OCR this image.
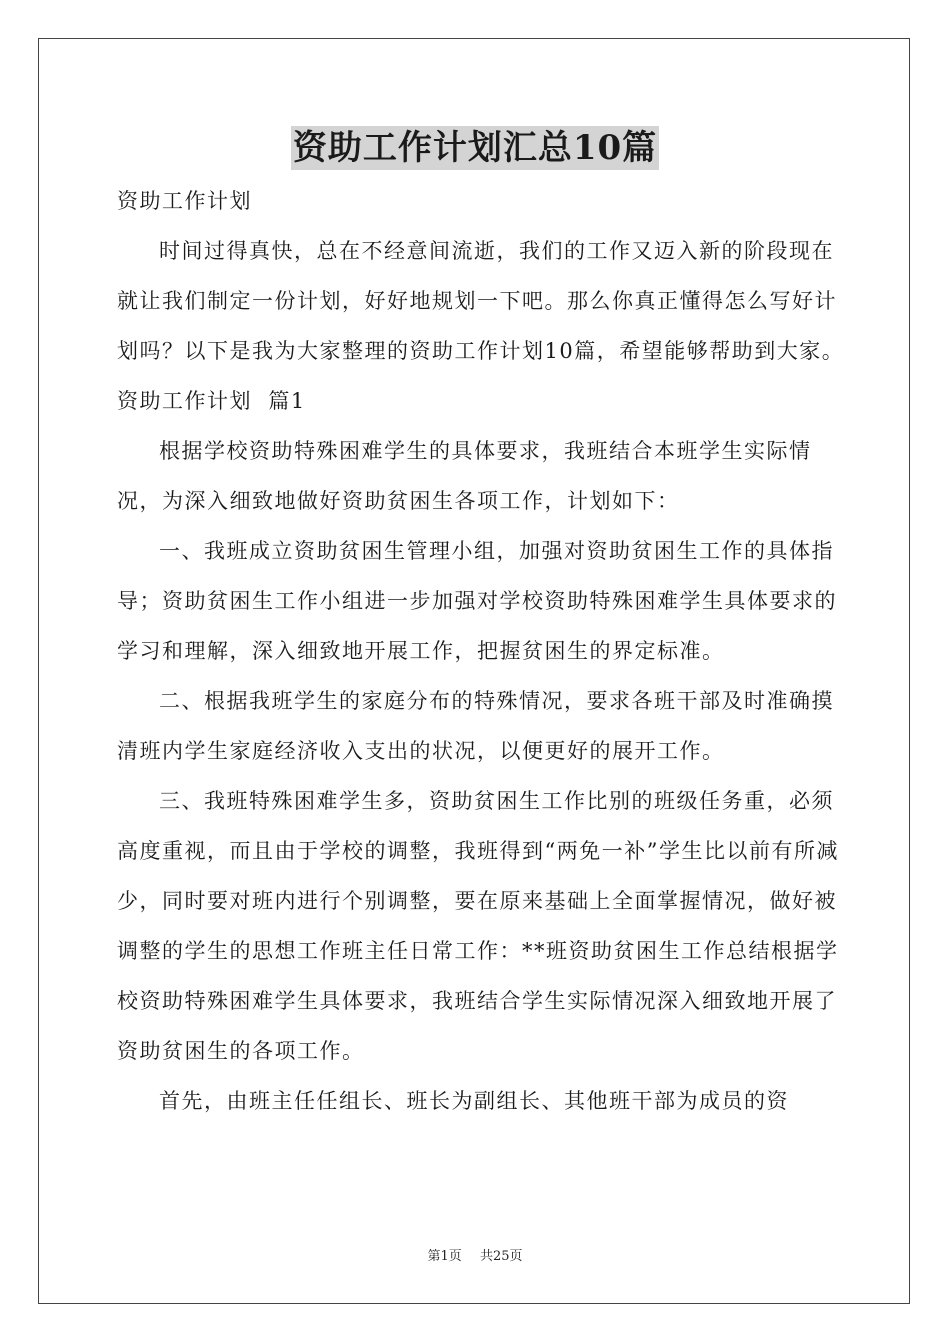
资助工作计划汇总10篇

资助工作计划

时间过得真快，总在不经意间流逝，我们的工作又迈入新的阶段现在就让我们制定一份计划，好好地规划一下吧。那么你真正懂得怎么写好计划吗？以下是我为大家整理的资助工作计划10篇，希望能够帮助到大家。

资助工作计划  篇1

根据学校资助特殊困难学生的具体要求，我班结合本班学生实际情况，为深入细致地做好资助贫困生各项工作，计划如下：

一、我班成立资助贫困生管理小组，加强对资助贫困生工作的具体指导；资助贫困生工作小组进一步加强对学校资助特殊困难学生具体要求的学习和理解，深入细致地开展工作，把握贫困生的界定标准。

二、根据我班学生的家庭分布的特殊情况，要求各班干部及时准确摸清班内学生家庭经济收入支出的状况，以便更好的展开工作。

三、我班特殊困难学生多，资助贫困生工作比别的班级任务重，必须高度重视，而且由于学校的调整，我班得到“两免一补”学生比以前有所减少，同时要对班内进行个别调整，要在原来基础上全面掌握情况，做好被调整的学生的思想工作班主任日常工作：**班资助贫困生工作总结根据学校资助特殊困难学生具体要求，我班结合学生实际情况深入细致地开展了资助贫困生的各项工作。

首先，由班主任任组长、班长为副组长、其他班干部为成员的资

第1页 共25页
